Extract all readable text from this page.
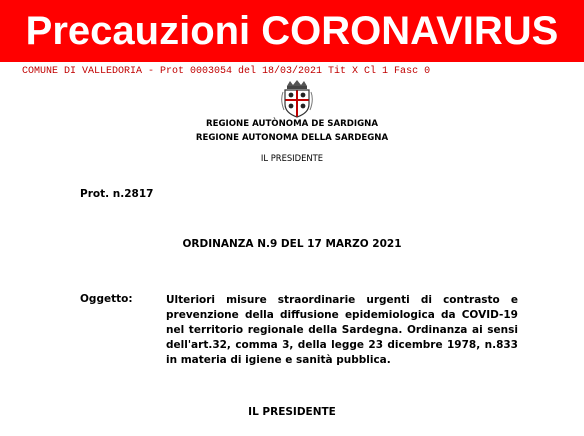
Precauzioni CORONAVIRUS
COMUNE DI VALLEDORIA - Prot 0003054 del 18/03/2021 Tit X Cl 1 Fasc 0
REGIONE AUTÒNOMA DE SARDIGNA
REGIONE AUTONOMA DELLA SARDEGNA
IL PRESIDENTE
Prot. n.2817
ORDINANZA N.9 DEL 17 MARZO 2021
Oggetto:	Ulteriori misure straordinarie urgenti di contrasto e prevenzione della diffusione epidemiologica da COVID-19 nel territorio regionale della Sardegna. Ordinanza ai sensi dell'art.32, comma 3, della legge 23 dicembre 1978, n.833 in materia di igiene e sanità pubblica.
IL PRESIDENTE
